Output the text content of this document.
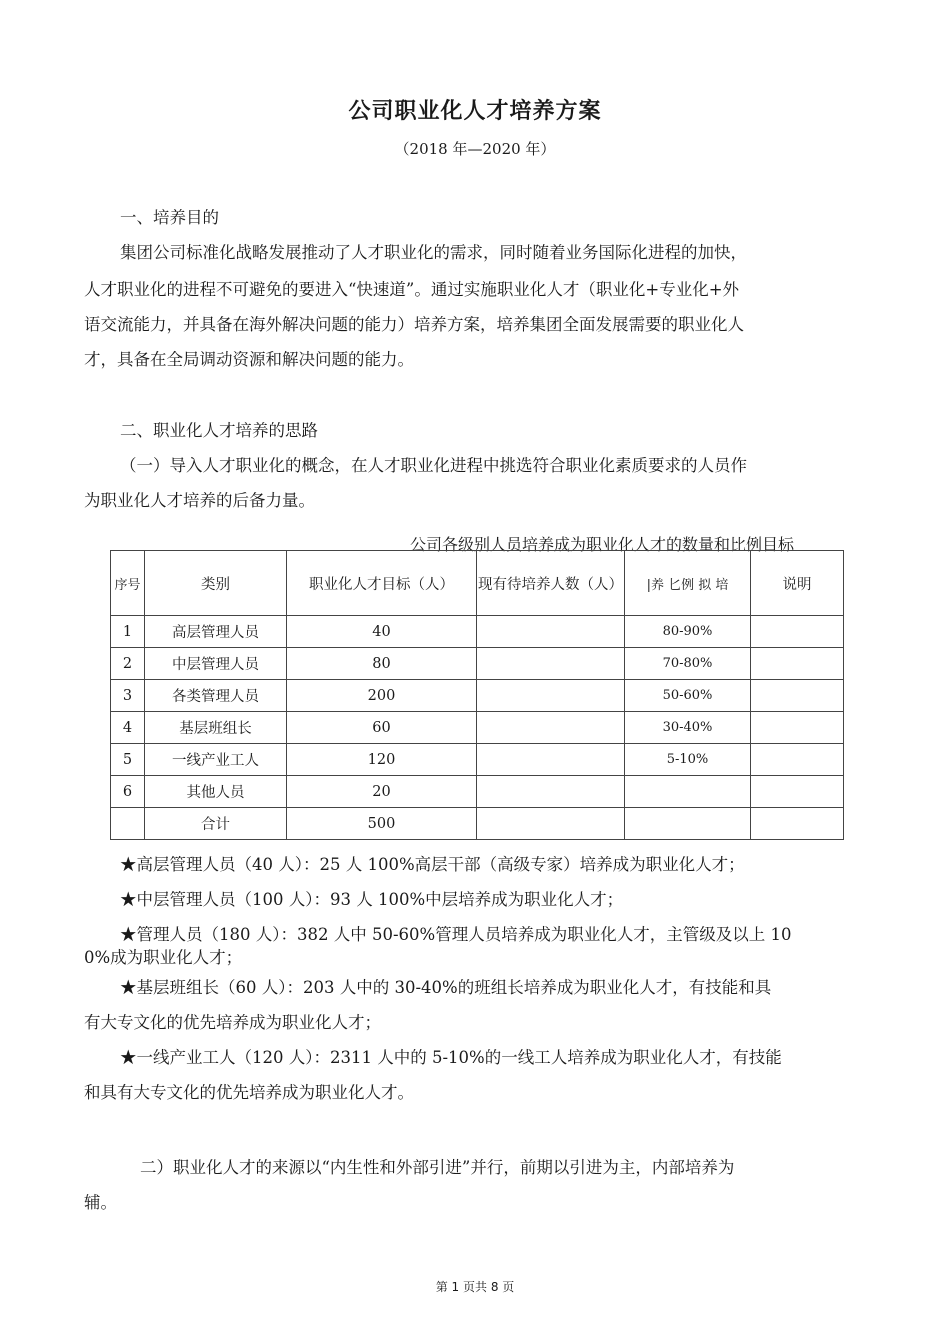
公司职业化人才培养方案
（2018 年—2020 年）
一、培养目的
集团公司标准化战略发展推动了人才职业化的需求，同时随着业务国际化进程的加快，
人才职业化的进程不可避免的要进入“快速道”。通过实施职业化人才（职业化+专业化+外
语交流能力，并具备在海外解决问题的能力）培养方案，培养集团全面发展需要的职业化人
才，具备在全局调动资源和解决问题的能力。
二、职业化人才培养的思路
（一）导入人才职业化的概念，在人才职业化进程中挑选符合职业化素质要求的人员作
为职业化人才培养的后备力量。
公司各级别人员培养成为职业化人才的数量和比例目标
序号	类别	职业化人才目标（人）	现有待培养人数（人）	|养 匕例 拟 培	说明
1	高层管理人员	40		80-90%	
2	中层管理人员	80		70-80%	
3	各类管理人员	200		50-60%	
4	基层班组长	60		30-40%	
5	一线产业工人	120		5-10%	
6	其他人员	20			
	合计	500			
★高层管理人员（40 人）：25 人 100%高层干部（高级专家）培养成为职业化人才；
★中层管理人员（100 人）：93 人 100%中层培养成为职业化人才；
★管理人员（180 人）：382 人中 50-60%管理人员培养成为职业化人才，主管级及以上 10
0%成为职业化人才；
★基层班组长（60 人）：203 人中的 30-40%的班组长培养成为职业化人才，有技能和具
有大专文化的优先培养成为职业化人才；
★一线产业工人（120 人）：2311 人中的 5-10%的一线工人培养成为职业化人才，有技能
和具有大专文化的优先培养成为职业化人才。
二）职业化人才的来源以“内生性和外部引进”并行，前期以引进为主，内部培养为
辅。
第 1 页共 8 页
